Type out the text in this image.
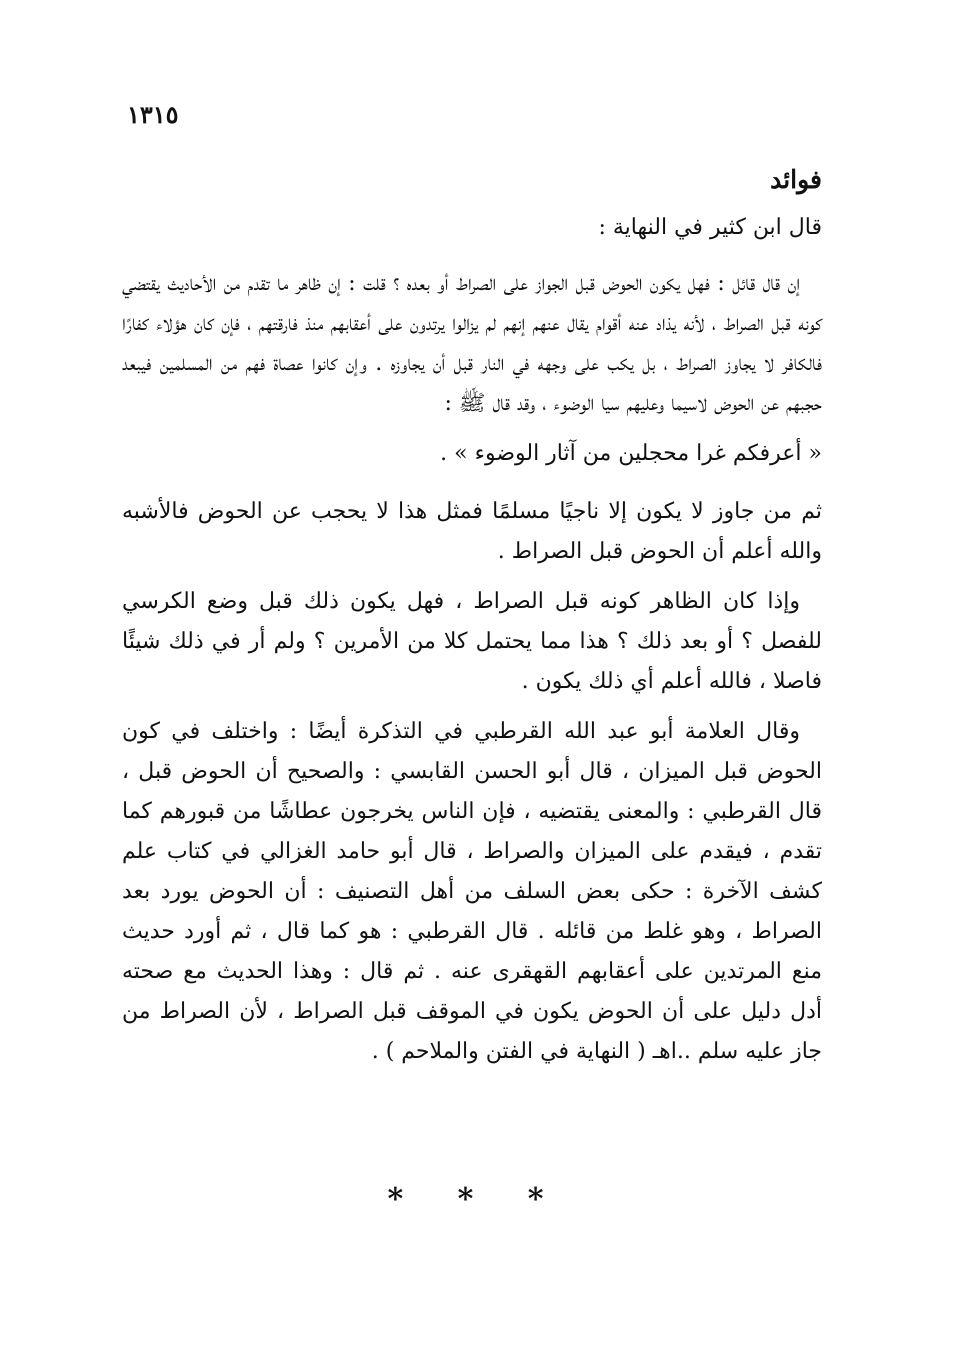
١٣١٥
فوائد

قال ابن كثير في النهاية :

إن قال قائل : فهل يكون الحوض قبل الجواز على الصراط أو بعده ؟ قلت : إن ظاهر ما تقدم من الأحاديث يقتضي كونه قبل الصراط ، لأنه يذاد عنه أقوام يقال عنهم إنهم لم يزالوا يرتدون على أعقابهم منذ فارقتهم ، فإن كان هؤلاء كفارًا فالكافر لا يجاوز الصراط ، بل يكب على وجهه في النار قبل أن يجاوزه . وإن كانوا عصاة فهم من المسلمين فيبعد حجبهم عن الحوض لاسيما وعليهم سيا الوضوء ، وقد قال ﷺ :

« أعرفكم غرا محجلين من آثار الوضوء » .

ثم من جاوز لا يكون إلا ناجيًا مسلمًا فمثل هذا لا يحجب عن الحوض فالأشبه والله أعلم أن الحوض قبل الصراط .

وإذا كان الظاهر كونه قبل الصراط ، فهل يكون ذلك قبل وضع الكرسي للفصل ؟ أو بعد ذلك ؟ هذا مما يحتمل كلا من الأمرين ؟ ولم أر في ذلك شيئًا فاصلا ، فالله أعلم أي ذلك يكون .

وقال العلامة أبو عبد الله القرطبي في التذكرة أيضًا : واختلف في كون الحوض قبل الميزان ، قال أبو الحسن القابسي : والصحيح أن الحوض قبل ، قال القرطبي : والمعنى يقتضيه ، فإن الناس يخرجون عطاشًا من قبورهم كما تقدم ، فيقدم على الميزان والصراط ، قال أبو حامد الغزالي في كتاب علم كشف الآخرة : حكى بعض السلف من أهل التصنيف : أن الحوض يورد بعد الصراط ، وهو غلط من قائله . قال القرطبي : هو كما قال ، ثم أورد حديث منع المرتدين على أعقابهم القهقرى عنه . ثم قال : وهذا الحديث مع صحته أدل دليل على أن الحوض يكون في الموقف قبل الصراط ، لأن الصراط من جاز عليه سلم ..اهـ ( النهاية في الفتن والملاحم ) .

* * *
